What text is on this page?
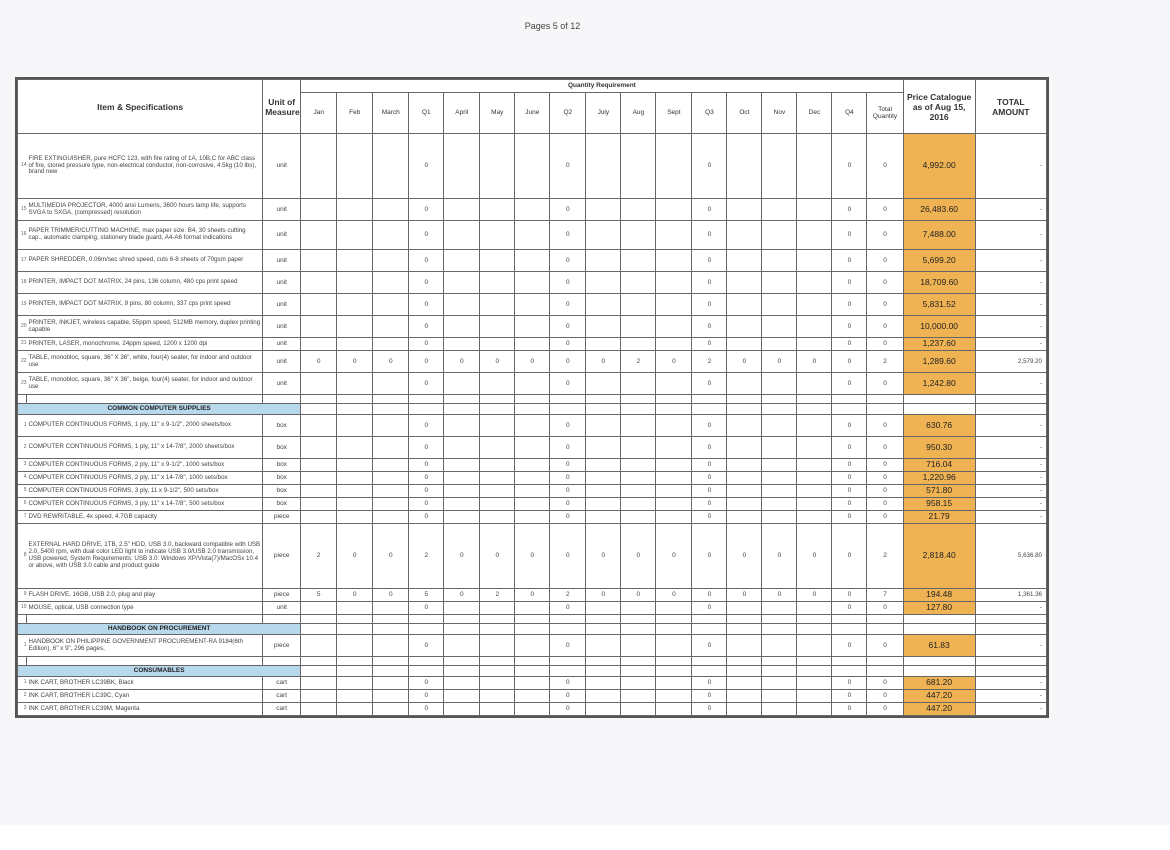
Pages 5 of 12
Item & Specifications		Unit of Measure	Quantity Requirement																	Price Catalogue as of Aug 15, 2016	TOTAL AMOUNT
			Jan	Feb	March	Q1	April	May	June	Q2	July	Aug	Sept	Q3	Oct	Nov	Dec	Q4	Total Quantity		
14	FIRE EXTINGUISHER, pure HCFC 123, with fire rating of 1A, 10B,C for ABC class of fire, stored pressure type, non-electrical conductor, non-corrosive, 4.5kg (10 lbs), brand new	unit				0				0				0				0	0	4,992.00	-
15	MULTIMEDIA PROJECTOR, 4000 ansi Lumens, 3600 hours lamp life, supports SVGA to SXGA, (compressed) resolution	unit				0				0				0				0	0	26,483.60	-
16	PAPER TRIMMER/CUTTING MACHINE, max paper size: B4, 30 sheets cutting cap., automatic clamping, stationery blade guard, A4-A6 format indications	unit				0				0				0				0	0	7,488.00	-
17	PAPER SHREDDER, 0.06m/sec shred speed, cuts 6-8 sheets of 70gsm paper	unit				0				0				0				0	0	5,699.20	-
18	PRINTER, IMPACT DOT MATRIX, 24 pins, 136 column, 480 cps print speed	unit				0				0				0				0	0	18,709.60	-
19	PRINTER, IMPACT DOT MATRIX, 9 pins, 80 column, 337 cps print speed	unit				0				0				0				0	0	5,831.52	-
20	PRINTER, INKJET, wireless capable, 55ppm speed, 512MB memory, duplex printing capable	unit				0				0				0				0	0	10,000.00	-
21	PRINTER, LASER, monochrome, 24ppm speed, 1200 x 1200 dpi	unit				0				0				0				0	0	1,237.60	-
22	TABLE, monobloc, square, 36" X 36", white, four(4) seater, for indoor and outdoor use	unit	0	0	0	0	0	0	0	0	0	2	0	2	0	0	0	0	2	1,289.60	2,579.20
23	TABLE, monobloc, square, 36" X 36", beige, four(4) seater, for indoor and outdoor use	unit				0				0				0				0	0	1,242.80	-

COMMON COMPUTER SUPPLIES																					
1	COMPUTER CONTINUOUS FORMS, 1 ply, 11" x 9-1/2", 2000 sheets/box	box				0				0				0				0	0	630.76	-
2	COMPUTER CONTINUOUS FORMS, 1 ply, 11" x 14-7/8", 2000 sheets/box	box				0				0				0				0	0	950.30	-
3	COMPUTER CONTINUOUS FORMS, 2 ply, 11" x 9-1/2", 1000 sets/box	box				0				0				0				0	0	716.04	-
4	COMPUTER CONTINUOUS FORMS, 2 ply, 11" x 14-7/8", 1000 sets/box	box				0				0				0				0	0	1,220.96	-
5	COMPUTER CONTINUOUS FORMS, 3 ply, 11 x 9-1/2", 500 sets/box	box				0				0				0				0	0	571.80	-
6	COMPUTER CONTINUOUS FORMS, 3 ply, 11" x 14-7/8", 500 sets/box	box				0				0				0				0	0	958.15	-
7	DVD REWRITABLE, 4x speed, 4.7GB capacity	piece				0				0				0				0	0	21.79	-
8	EXTERNAL HARD DRIVE, 1TB, 2.5" HDD, USB 3.0, backward compatible with USB 2.0, 5400 rpm, with dual color LED light to indicate USB 3.0/USB 2.0 transmission, USB powered, System Requirements: USB 3.0: Windows XP/Vista(7)/MacOSx 10.4 or above, with USB 3.0 cable and product guide	piece	2	0	0	2	0	0	0	0	0	0	0	0	0	0	0	0	2	2,818.40	5,636.80
9	FLASH DRIVE, 16GB, USB 2.0, plug and play	piece	5	0	0	5	0	2	0	2	0	0	0	0	0	0	0	0	7	194.48	1,361.36
10	MOUSE, optical, USB connection type	unit				0				0				0				0	0	127.80	-

HANDBOOK ON PROCUREMENT																					
1	HANDBOOK ON PHILIPPINE GOVERNMENT PROCUREMENT-RA 9184(6th Edition), 6" x 9", 296 pages,	piece				0				0				0				0	0	61.83	-

CONSUMABLES																					
1	INK CART, BROTHER LC39BK, Black	cart				0				0				0				0	0	681.20	-
2	INK CART, BROTHER LC39C, Cyan	cart				0				0				0				0	0	447.20	-
3	INK CART, BROTHER LC39M, Magenta	cart				0				0				0				0	0	447.20	-
